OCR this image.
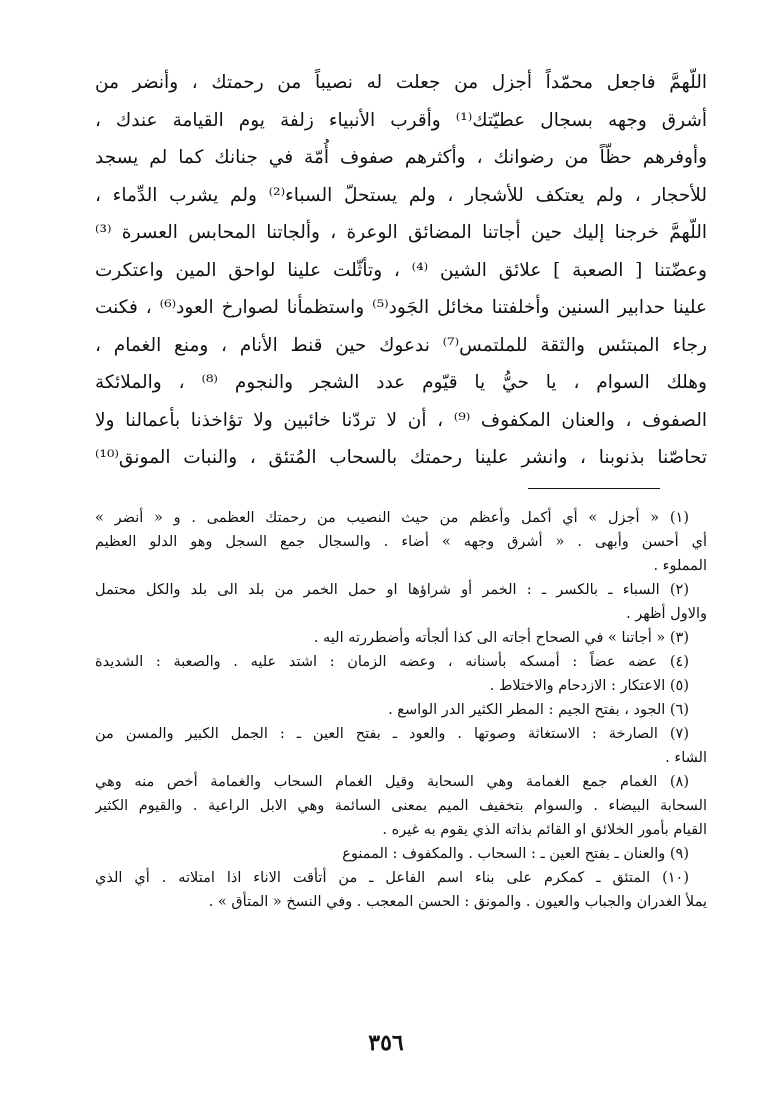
اللّهمَّ فاجعل محمّداً أجزل من جعلت له نصيباً من رحمتك ، وأنضر من
أشرق وجهه بسجال عطيّتك⁽¹⁾ وأقرب الأنبياء زلفة يوم القيامة عندك ،
وأوفرهم حظّاً من رضوانك ، وأكثرهم صفوف أُمّة في جنانك كما لم يسجد
للأحجار ، ولم يعتكف للأشجار ، ولم يستحلّ السباء⁽²⁾ ولم يشرب الدِّماء ،
اللّهمَّ خرجنا إليك حين أجاتنا المضائق الوعرة ، وألجاتنا المحابس العسرة ⁽³⁾
وعضّتنا [ الصعبة ] علائق الشين ⁽⁴⁾ ، وتأثّلت علينا لواحق المين واعتكرت
علينا حدابير السنين وأخلفتنا مخائل الجَود⁽⁵⁾ واستظمأنا لصوارخ العود⁽⁶⁾ ، فكنت
رجاء المبتئس والثقة للملتمس⁽⁷⁾ ندعوك حين قنط الأنام ، ومنع الغمام ،
وهلك السوام ، يا حيُّ يا قيّوم عدد الشجر والنجوم ⁽⁸⁾ ، والملائكة
الصفوف ، والعنان المكفوف ⁽⁹⁾ ، أن لا تردّنا خائبين ولا تؤاخذنا بأعمالنا ولا
تحاصّنا بذنوبنا ، وانشر علينا رحمتك بالسحاب المُتئق ، والنبات المونق⁽¹⁰⁾
(١) « أجزل » أي أكمل وأعظم من حيث النصيب من رحمتك العظمى . و « أنضر »
أي أحسن وأبهى . « أشرق وجهه » أضاء . والسجال جمع السجل وهو الدلو العظيم
المملوء .
(٢) السباء ـ بالكسر ـ : الخمر أو شراؤها او حمل الخمر من بلد الى بلد والكل محتمل
والاول أظهر .
(٣) « أجاتنا » في الصحاح أجاته الى كذا ألجأته وأضطررته اليه .
(٤) عضه عضاً : أمسكه بأسنانه ، وعضه الزمان : اشتد عليه . والصعبة : الشديدة
(٥) الاعتكار : الازدحام والاختلاط .
(٦) الجود ، بفتح الجيم : المطر الكثير الدر الواسع .
(٧) الصارخة : الاستغاثة وصوتها . والعود ـ بفتح العين ـ : الجمل الكبير والمسن من
الشاء .
(٨) الغمام جمع الغمامة وهي السحابة وقيل الغمام السحاب والغمامة أخص منه وهي
السحابة البيضاء . والسوام بتخفيف الميم بمعنى السائمة وهي الابل الراعية . والقيوم الكثير
القيام بأمور الخلائق او القائم بذاته الذي يقوم به غيره .
(٩) والعنان ـ بفتح العين ـ : السحاب . والمكفوف : الممنوع
(١٠) المتئق ـ كمكرم على بناء اسم الفاعل ـ من أتأقت الاناء اذا امتلاته . أي الذي
يملأ الغدران والجباب والعيون . والمونق : الحسن المعجب . وفي النسخ « المتأق » .
٣٥٦
